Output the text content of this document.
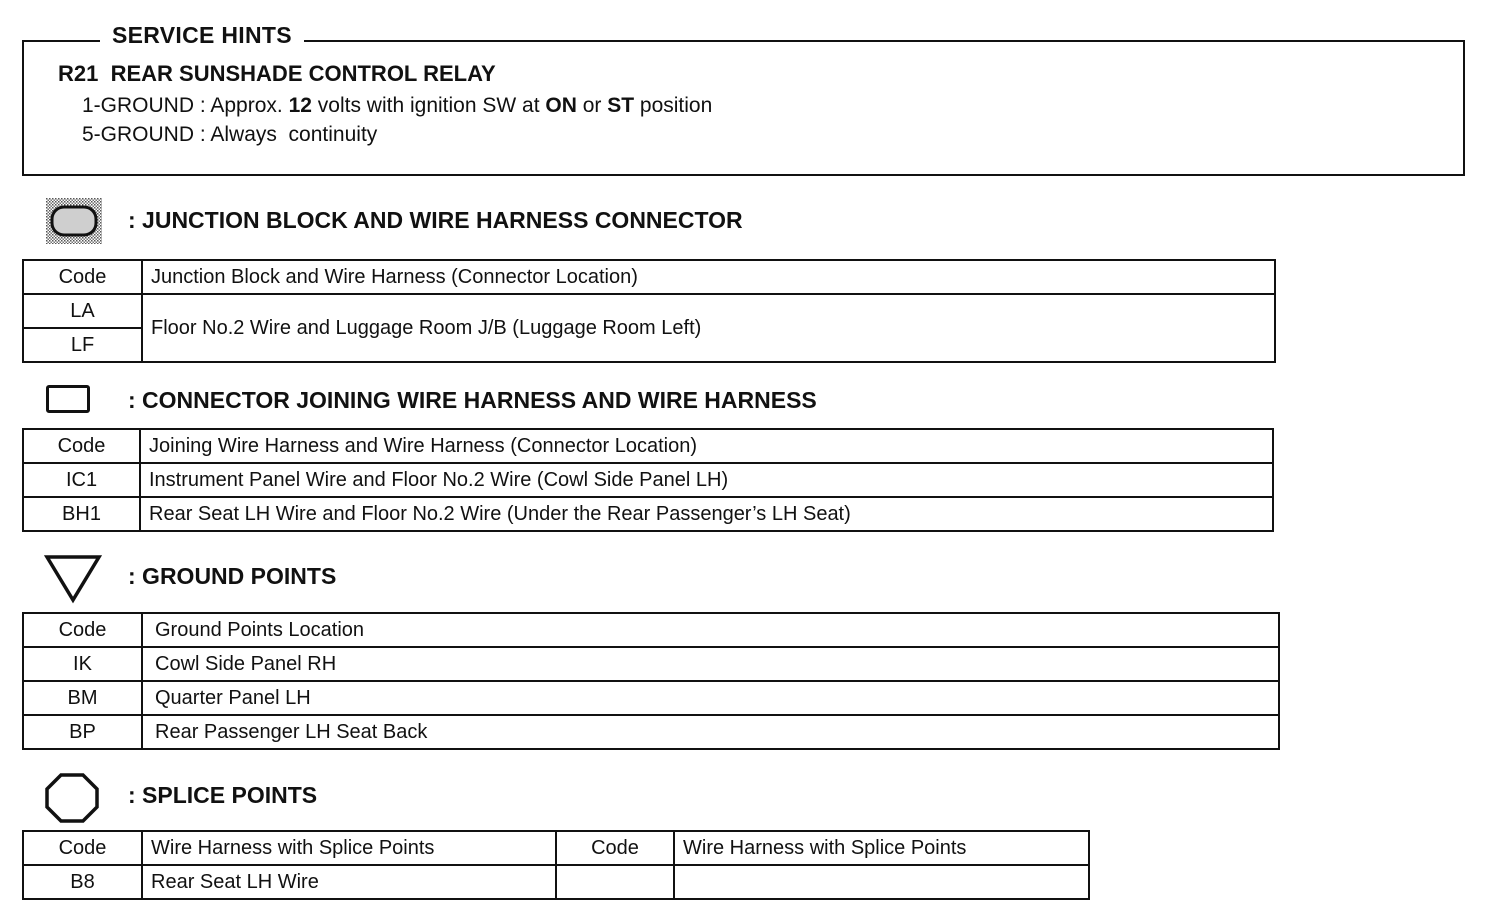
SERVICE HINTS
R21  REAR SUNSHADE CONTROL RELAY
1-GROUND : Approx. 12 volts with ignition SW at ON or ST position
5-GROUND : Always  continuity
: JUNCTION BLOCK AND WIRE HARNESS CONNECTOR
Code	Junction Block and Wire Harness (Connector Location)
LA	Floor No.2 Wire and Luggage Room J/B (Luggage Room Left)
LF	
: CONNECTOR JOINING WIRE HARNESS AND WIRE HARNESS
Code	Joining Wire Harness and Wire Harness (Connector Location)
IC1	Instrument Panel Wire and Floor No.2 Wire (Cowl Side Panel LH)
BH1	Rear Seat LH Wire and Floor No.2 Wire (Under the Rear Passenger’s LH Seat)
: GROUND POINTS
Code	Ground Points Location
IK	Cowl Side Panel RH
BM	Quarter Panel LH
BP	Rear Passenger LH Seat Back
: SPLICE POINTS
Code	Wire Harness with Splice Points	Code	Wire Harness with Splice Points
B8	Rear Seat LH Wire		
